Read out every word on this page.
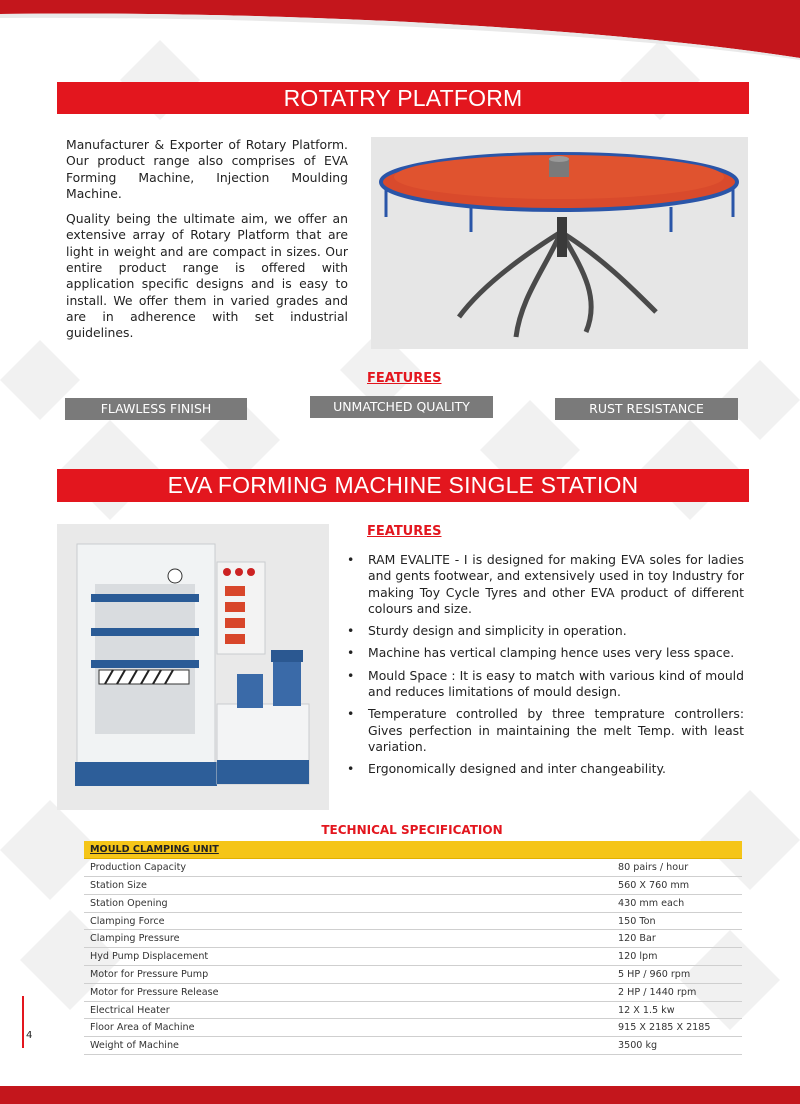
ROTATRY PLATFORM

Manufacturer & Exporter of Rotary Platform. Our product range also comprises of EVA Forming Machine, Injection Moulding Machine.

Quality being the ultimate aim, we offer an extensive array of Rotary Platform that are light in weight and are compact in sizes. Our entire product range is offered with application specific designs and is easy to install. We offer them in varied grades and are in adherence with set industrial guidelines.

FEATURES
FLAWLESS FINISH	UNMATCHED QUALITY	RUST RESISTANCE
EVA FORMING MACHINE SINGLE STATION
FEATURES
• RAM EVALITE - I is designed for making EVA soles for ladies and gents footwear, and extensively used in toy Industry for making Toy Cycle Tyres and other EVA product of different colours and size.
• Sturdy design and simplicity in operation.
• Machine has vertical clamping hence uses very less space.
• Mould Space : It is easy to match with various kind of mould and reduces limitations of mould design.
• Temperature controlled by three temprature controllers: Gives perfection in maintaining the melt Temp. with least variation.
• Ergonomically designed and inter changeability.
TECHNICAL SPECIFICATION
MOULD CLAMPING UNIT	
Production Capacity	80 pairs / hour
Station Size	560 X 760 mm
Station Opening	430 mm each
Clamping Force	150 Ton
Clamping Pressure	120 Bar
Hyd Pump Displacement	120 lpm
Motor for Pressure Pump	5 HP / 960 rpm
Motor for Pressure Release	2 HP / 1440 rpm
Electrical Heater	12 X 1.5 kw
Floor Area of Machine	915 X 2185 X 2185
Weight of Machine	3500 kg
4
